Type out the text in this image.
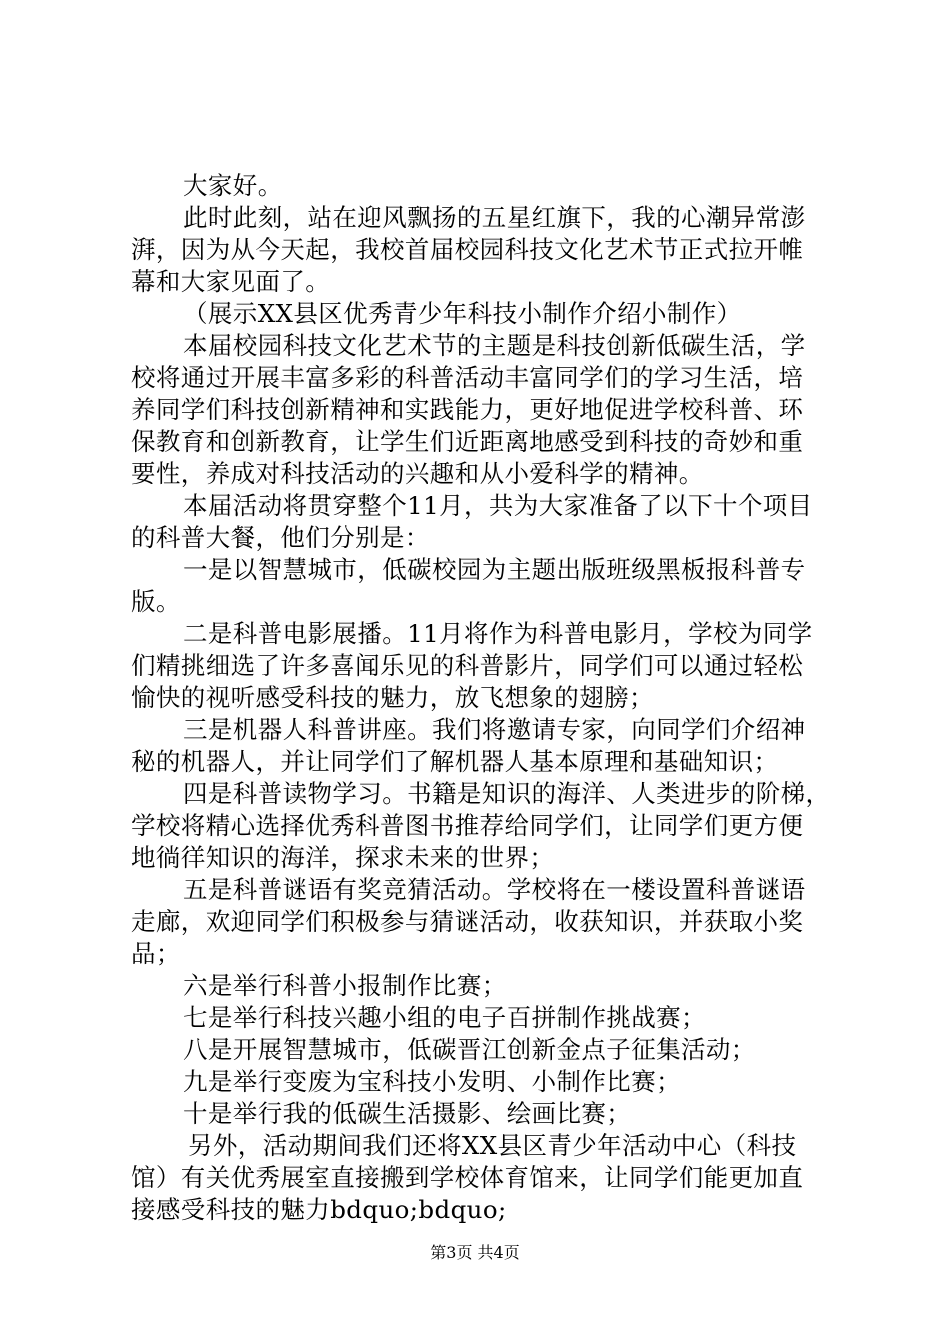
大家好。
此时此刻，站在迎风飘扬的五星红旗下，我的心潮异常澎
湃，因为从今天起，我校首届校园科技文化艺术节正式拉开帷
幕和大家见面了。
（展示XX县区优秀青少年科技小制作介绍小制作）
本届校园科技文化艺术节的主题是科技创新低碳生活，学
校将通过开展丰富多彩的科普活动丰富同学们的学习生活，培
养同学们科技创新精神和实践能力，更好地促进学校科普、环
保教育和创新教育，让学生们近距离地感受到科技的奇妙和重
要性，养成对科技活动的兴趣和从小爱科学的精神。
本届活动将贯穿整个11月，共为大家准备了以下十个项目
的科普大餐，他们分别是：
一是以智慧城市，低碳校园为主题出版班级黑板报科普专
版。
二是科普电影展播。11月将作为科普电影月，学校为同学
们精挑细选了许多喜闻乐见的科普影片，同学们可以通过轻松
愉快的视听感受科技的魅力，放飞想象的翅膀；
三是机器人科普讲座。我们将邀请专家，向同学们介绍神
秘的机器人，并让同学们了解机器人基本原理和基础知识；
四是科普读物学习。书籍是知识的海洋、人类进步的阶梯，
学校将精心选择优秀科普图书推荐给同学们，让同学们更方便
地徜徉知识的海洋，探求未来的世界；
五是科普谜语有奖竞猜活动。学校将在一楼设置科普谜语
走廊，欢迎同学们积极参与猜谜活动，收获知识，并获取小奖
品；
六是举行科普小报制作比赛；
七是举行科技兴趣小组的电子百拼制作挑战赛；
八是开展智慧城市，低碳晋江创新金点子征集活动；
九是举行变废为宝科技小发明、小制作比赛；
十是举行我的低碳生活摄影、绘画比赛；
另外，活动期间我们还将XX县区青少年活动中心（科技
馆）有关优秀展室直接搬到学校体育馆来，让同学们能更加直
接感受科技的魅力bdquo;bdquo;
第3页 共4页
